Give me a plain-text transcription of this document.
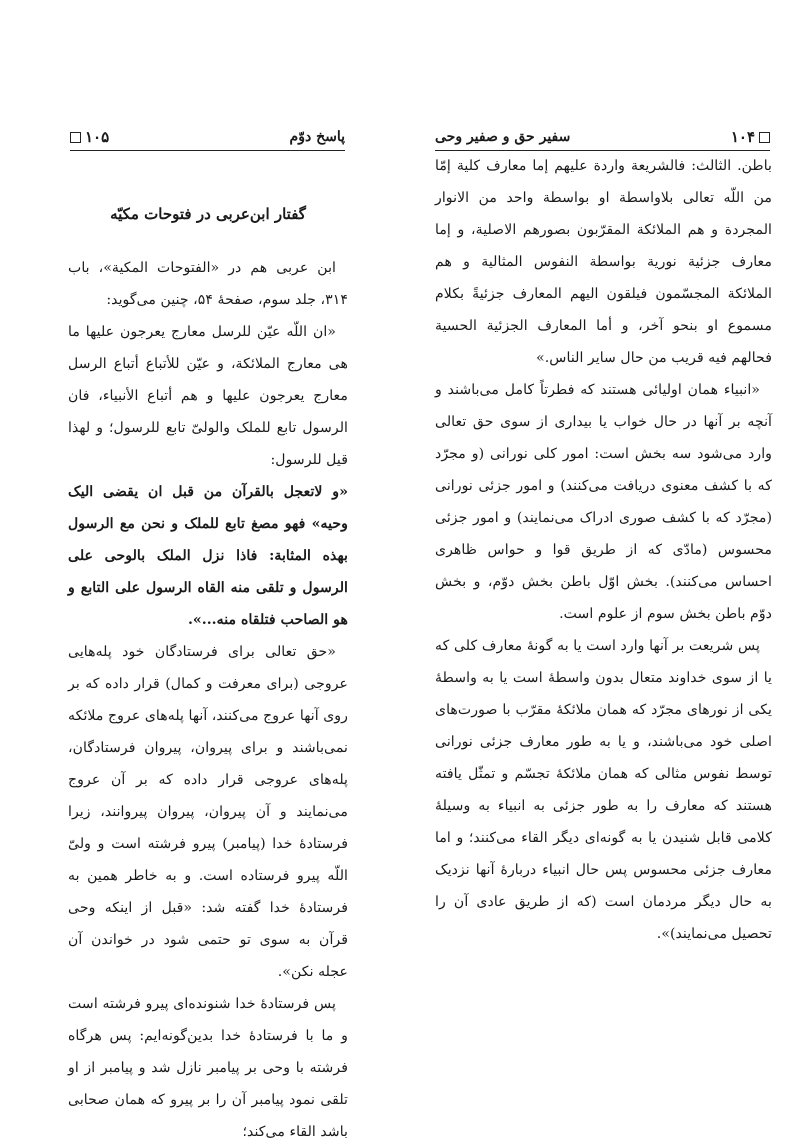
پاسخ دوّم
۱۰۵
گفتار ابن‌عربی در فتوحات مکیّه

ابن عربی هم در «الفتوحات المکیة»، باب ۳۱۴، جلد سوم، صفحهٔ ۵۴، چنین می‌گوید:

«ان اللّه عیّن للرسل معارج یعرجون علیها ما هی معارج الملائکة، و عیّن للأتباع أتباع الرسل معارج یعرجون علیها و هم أتباع الأنبیاء، فان الرسول تابع للملک والولیّ تابع للرسول؛ و لهذا قیل للرسول:

«و لاتعجل بالقرآن من قبل ان یقضی الیک وحیه» فهو مصغ تابع للملک و نحن مع الرسول بهذه المثابة: فاذا نزل الملک بالوحی علی الرسول و تلقی منه القاه الرسول علی التابع و هو الصاحب فتلقاه منه...».

«حق تعالی برای فرستادگان خود پله‌هایی عروجی (برای معرفت و کمال) قرار داده که بر روی آنها عروج می‌کنند، آنها پله‌های عروج ملائکه نمی‌باشند و برای پیروان، پیروان فرستادگان، پله‌های عروجی قرار داده که بر آن عروج می‌نمایند و آن پیروان، پیروان پیروانند، زیرا فرستادهٔ خدا (پیامبر) پیرو فرشته است و ولیّ اللّه پیرو فرستاده است. و به خاطر همین به فرستادهٔ خدا گفته شد: «قبل از اینکه وحی قرآن به سوی تو حتمی شود در خواندن آن عجله نکن».

پس فرستادهٔ خدا شنونده‌ای پیرو فرشته است و ما با فرستادهٔ خدا بدین‌گونه‌ایم: پس هرگاه فرشته با وحی بر پیامبر نازل شد و پیامبر از او تلقی نمود پیامبر آن را بر پیرو که همان صحابی باشد القاء می‌کند؛

۱۰۴
سفیر حق و صفیر وحی

باطن. الثالث: فالشریعة واردة علیهم إما معارف کلیة إمّا من اللّه تعالی بلاواسطة او بواسطة واحد من الانوار المجردة و هم الملائکة المقرّبون بصورهم الاصلیة، و إما معارف جزئیة نوریة بواسطة النفوس المثالیة و هم الملائکة المجسّمون فیلقون الیهم المعارف جزئیةً بکلام مسموع او بنحو آخر، و أما المعارف الجزئیة الحسیة فحالهم فیه قریب من حال سایر الناس.»

«انبیاء همان اولیائی هستند که فطرتاً کامل می‌باشند و آنچه بر آنها در حال خواب یا بیداری از سوی حق تعالی وارد می‌شود سه بخش است: امور کلی نورانی (و مجرّد که با کشف معنوی دریافت می‌کنند) و امور جزئی نورانی (مجرّد که با کشف صوری ادراک می‌نمایند) و امور جزئی محسوس (مادّی که از طریق قوا و حواس ظاهری احساس می‌کنند). بخش اوّل باطن بخش دوّم، و بخش دوّم باطن بخش سوم از علوم است.

پس شریعت بر آنها وارد است یا به گونهٔ معارف کلی که یا از سوی خداوند متعال بدون واسطهٔ است یا به واسطهٔ یکی از نورهای مجرّد که همان ملائکهٔ مقرّب با صورت‌های اصلی خود می‌باشند، و یا به طور معارف جزئی نورانی توسط نفوس مثالی که همان ملائکهٔ تجسّم و تمثّل یافته هستند که معارف را به طور جزئی به انبیاء به وسیلهٔ کلامی قابل شنیدن یا به گونه‌ای دیگر القاء می‌کنند؛ و اما معارف جزئی محسوس پس حال انبیاء دربارهٔ آنها نزدیک به حال دیگر مردمان است (که از طریق عادی آن را تحصیل می‌نمایند)».
